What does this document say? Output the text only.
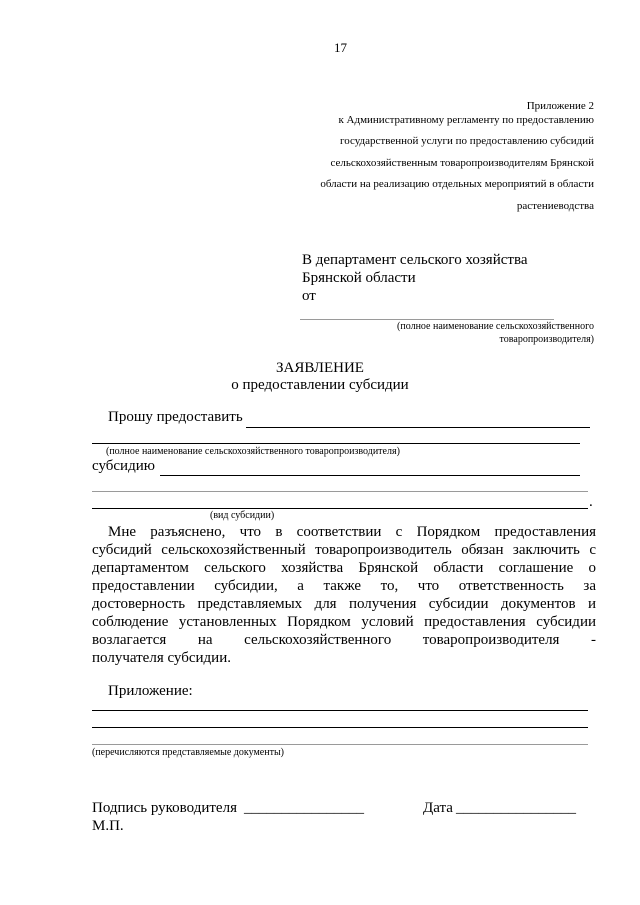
17
Приложение 2
к Административному регламенту по предоставлению
государственной услуги по предоставлению субсидий
сельскохозяйственным товаропроизводителям Брянской
области на реализацию отдельных мероприятий в области
растениеводства
В департамент сельского хозяйства
Брянской области
от
(полное наименование сельскохозяйственного
товаропроизводителя)
ЗАЯВЛЕНИЕ
о предоставлении субсидии
Прошу предоставить
(полное наименование сельскохозяйственного товаропроизводителя)
субсидию
.
(вид субсидии)
Мне разъяснено, что в соответствии с Порядком предоставления
субсидий сельскохозяйственный товаропроизводитель обязан заключить с
департаментом сельского хозяйства Брянской области соглашение о
предоставлении субсидии, а также то, что ответственность за
достоверность представляемых для получения субсидии документов и
соблюдение установленных Порядком условий предоставления субсидии
возлагается на сельскохозяйственного товаропроизводителя -
получателя субсидии.
Приложение:
(перечисляются представляемые документы)
Подпись руководителя ________________	Дата ________________
М.П.
